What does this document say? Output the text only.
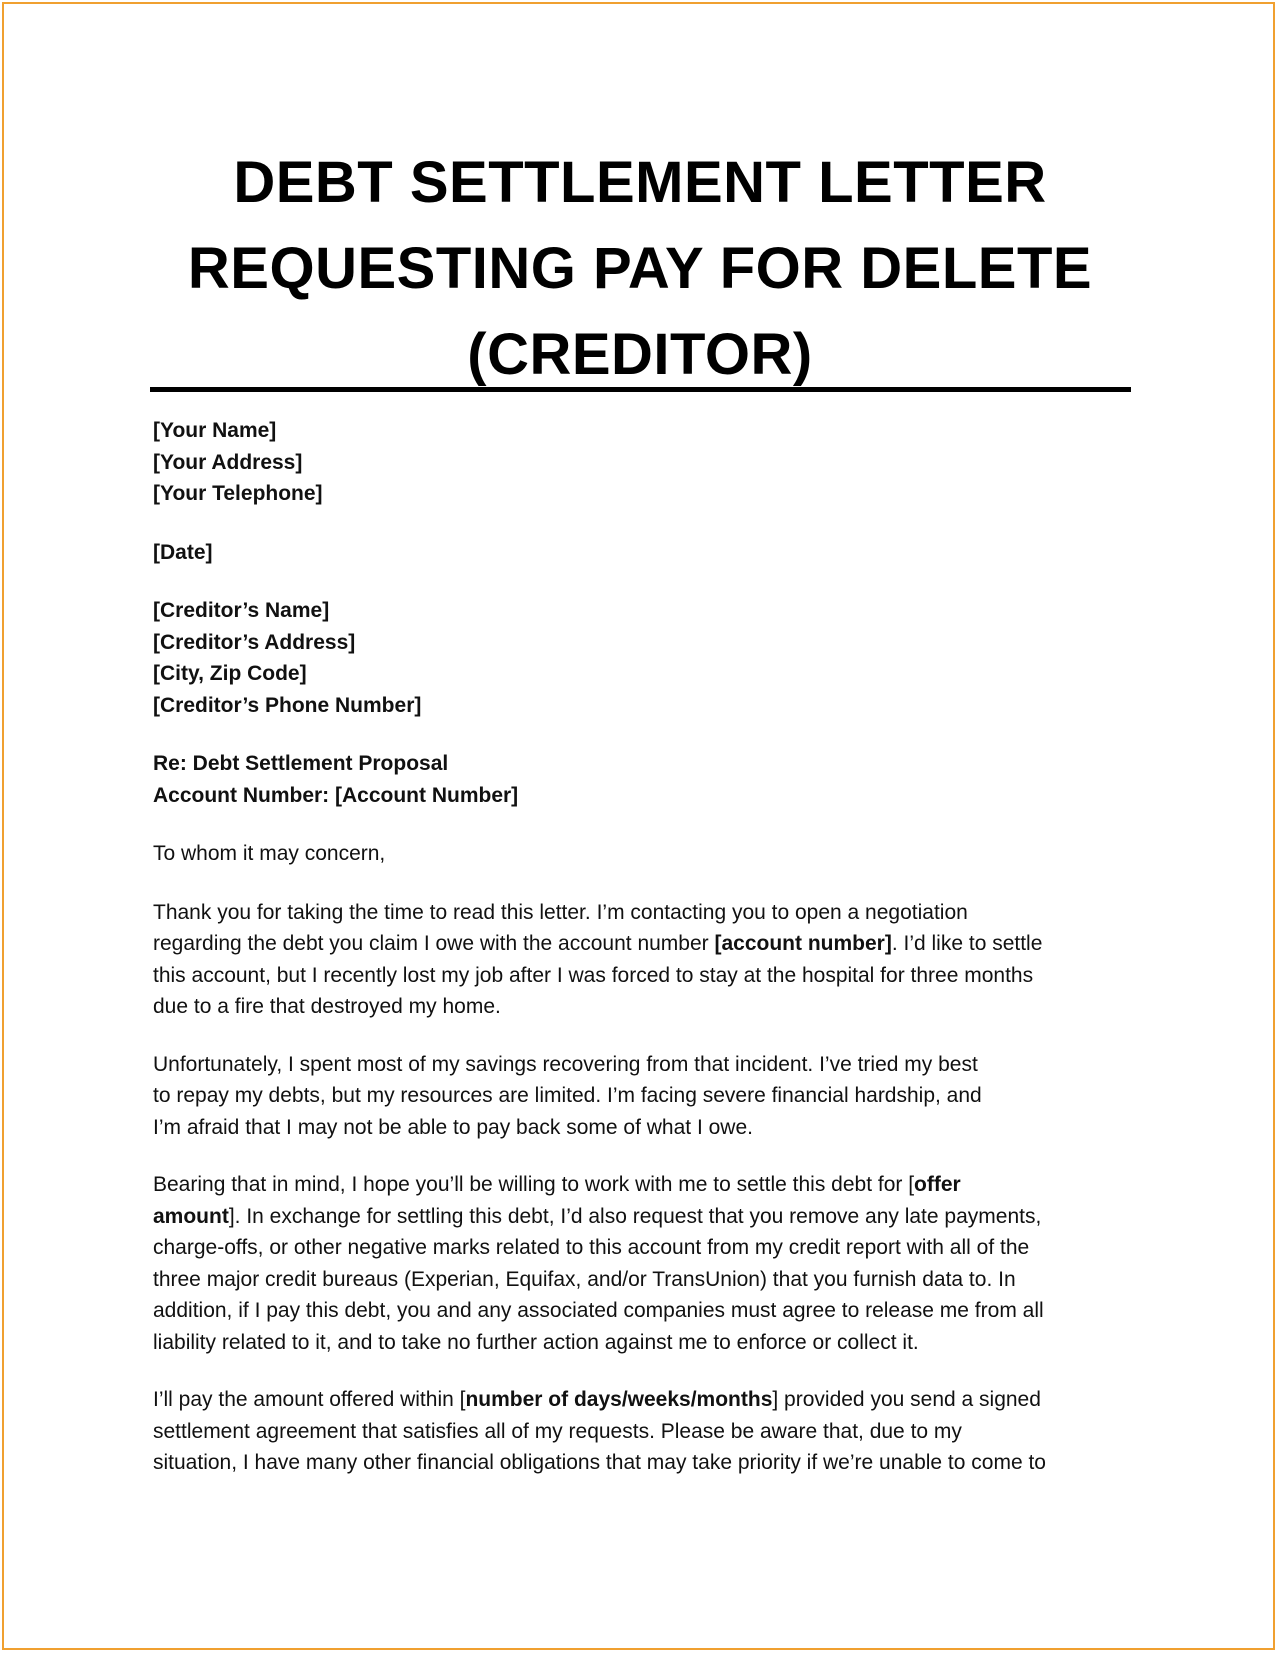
DEBT SETTLEMENT LETTER
REQUESTING PAY FOR DELETE
(CREDITOR)
[Your Name]
[Your Address]
[Your Telephone]
[Date]
[Creditor’s Name]
[Creditor’s Address]
[City, Zip Code]
[Creditor’s Phone Number]
Re: Debt Settlement Proposal
Account Number: [Account Number]

To whom it may concern,

Thank you for taking the time to read this letter. I’m contacting you to open a negotiation
regarding the debt you claim I owe with the account number [account number]. I’d like to settle
this account, but I recently lost my job after I was forced to stay at the hospital for three months
due to a fire that destroyed my home.

Unfortunately, I spent most of my savings recovering from that incident. I’ve tried my best
to repay my debts, but my resources are limited. I’m facing severe financial hardship, and
I’m afraid that I may not be able to pay back some of what I owe.

Bearing that in mind, I hope you’ll be willing to work with me to settle this debt for [offer
amount]. In exchange for settling this debt, I’d also request that you remove any late payments,
charge-offs, or other negative marks related to this account from my credit report with all of the
three major credit bureaus (Experian, Equifax, and/or TransUnion) that you furnish data to. In
addition, if I pay this debt, you and any associated companies must agree to release me from all
liability related to it, and to take no further action against me to enforce or collect it.

I’ll pay the amount offered within [number of days/weeks/months] provided you send a signed
settlement agreement that satisfies all of my requests. Please be aware that, due to my
situation, I have many other financial obligations that may take priority if we’re unable to come to
